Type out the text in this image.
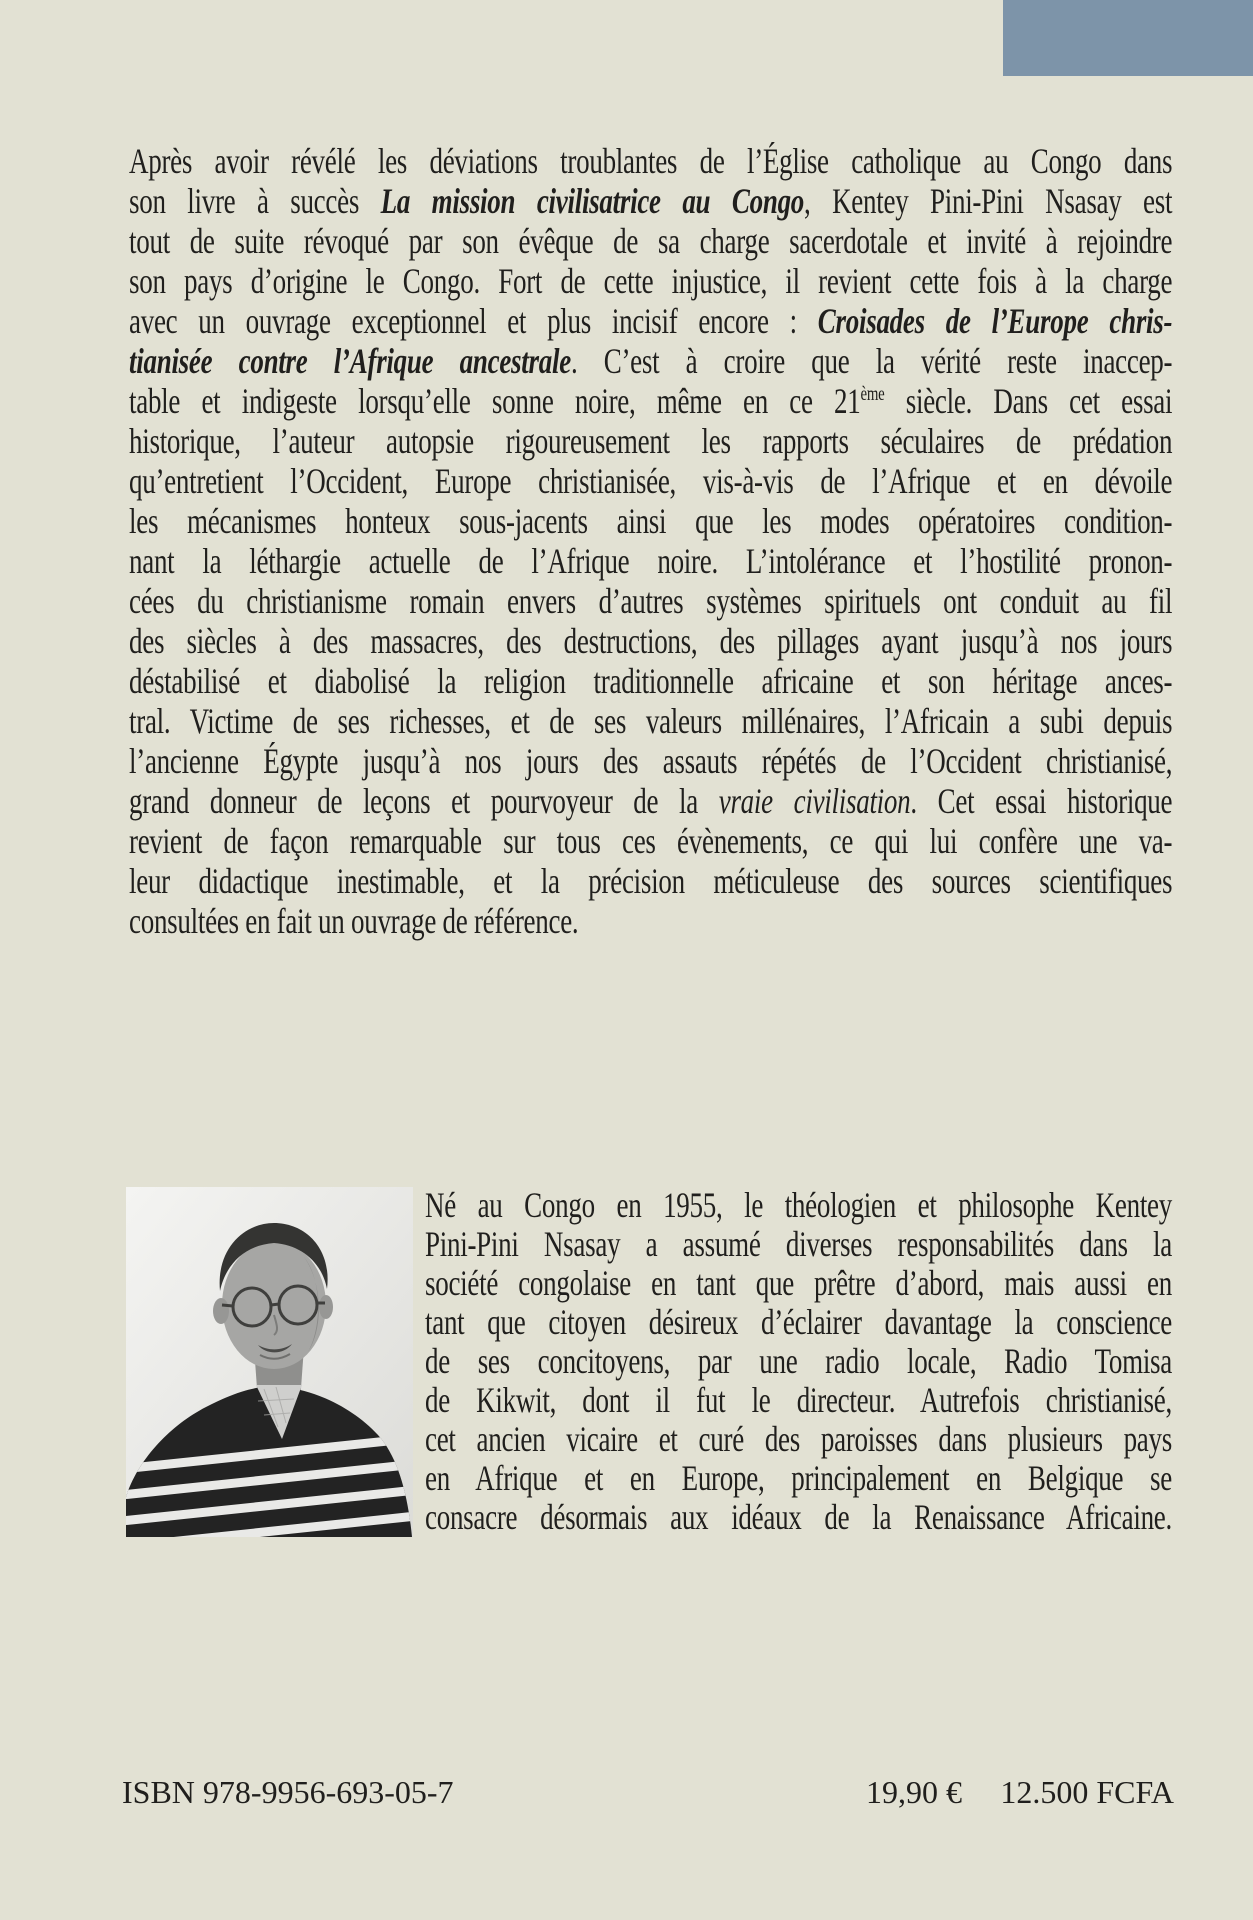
Après avoir révélé les déviations troublantes de l’Église catholique au Congo dans
son livre à succès La mission civilisatrice au Congo, Kentey Pini-Pini Nsasay est
tout de suite révoqué par son évêque de sa charge sacerdotale et invité à rejoindre
son pays d’origine le Congo. Fort de cette injustice, il revient cette fois à la charge
avec un ouvrage exceptionnel et plus incisif encore : Croisades de l’Europe chris-
tianisée contre l’Afrique ancestrale. C’est à croire que la vérité reste inaccep-
table et indigeste lorsqu’elle sonne noire, même en ce 21ème siècle. Dans cet essai
historique, l’auteur autopsie rigoureusement les rapports séculaires de prédation
qu’entretient l’Occident, Europe christianisée, vis-à-vis de l’Afrique et en dévoile
les mécanismes honteux sous-jacents ainsi que les modes opératoires condition-
nant la léthargie actuelle de l’Afrique noire. L’intolérance et l’hostilité pronon-
cées du christianisme romain envers d’autres systèmes spirituels ont conduit au fil
des siècles à des massacres, des destructions, des pillages ayant jusqu’à nos jours
déstabilisé et diabolisé la religion traditionnelle africaine et son héritage ances-
tral. Victime de ses richesses, et de ses valeurs millénaires, l’Africain a subi depuis
l’ancienne Égypte jusqu’à nos jours des assauts répétés de l’Occident christianisé,
grand donneur de leçons et pourvoyeur de la vraie civilisation. Cet essai historique
revient de façon remarquable sur tous ces évènements, ce qui lui confère une va-
leur didactique inestimable, et la précision méticuleuse des sources scientifiques
consultées en fait un ouvrage de référence.
Né au Congo en 1955, le théologien et philosophe Kentey
Pini-Pini Nsasay a assumé diverses responsabilités dans la
société congolaise en tant que prêtre d’abord, mais aussi en
tant que citoyen désireux d’éclairer davantage la conscience
de ses concitoyens, par une radio locale, Radio Tomisa
de Kikwit, dont il fut le directeur. Autrefois christianisé,
cet ancien vicaire et curé des paroisses dans plusieurs pays
en Afrique et en Europe, principalement en Belgique se
consacre désormais aux idéaux de la Renaissance Africaine.
ISBN 978-9956-693-05-7	19,90 € 12.500 FCFA
